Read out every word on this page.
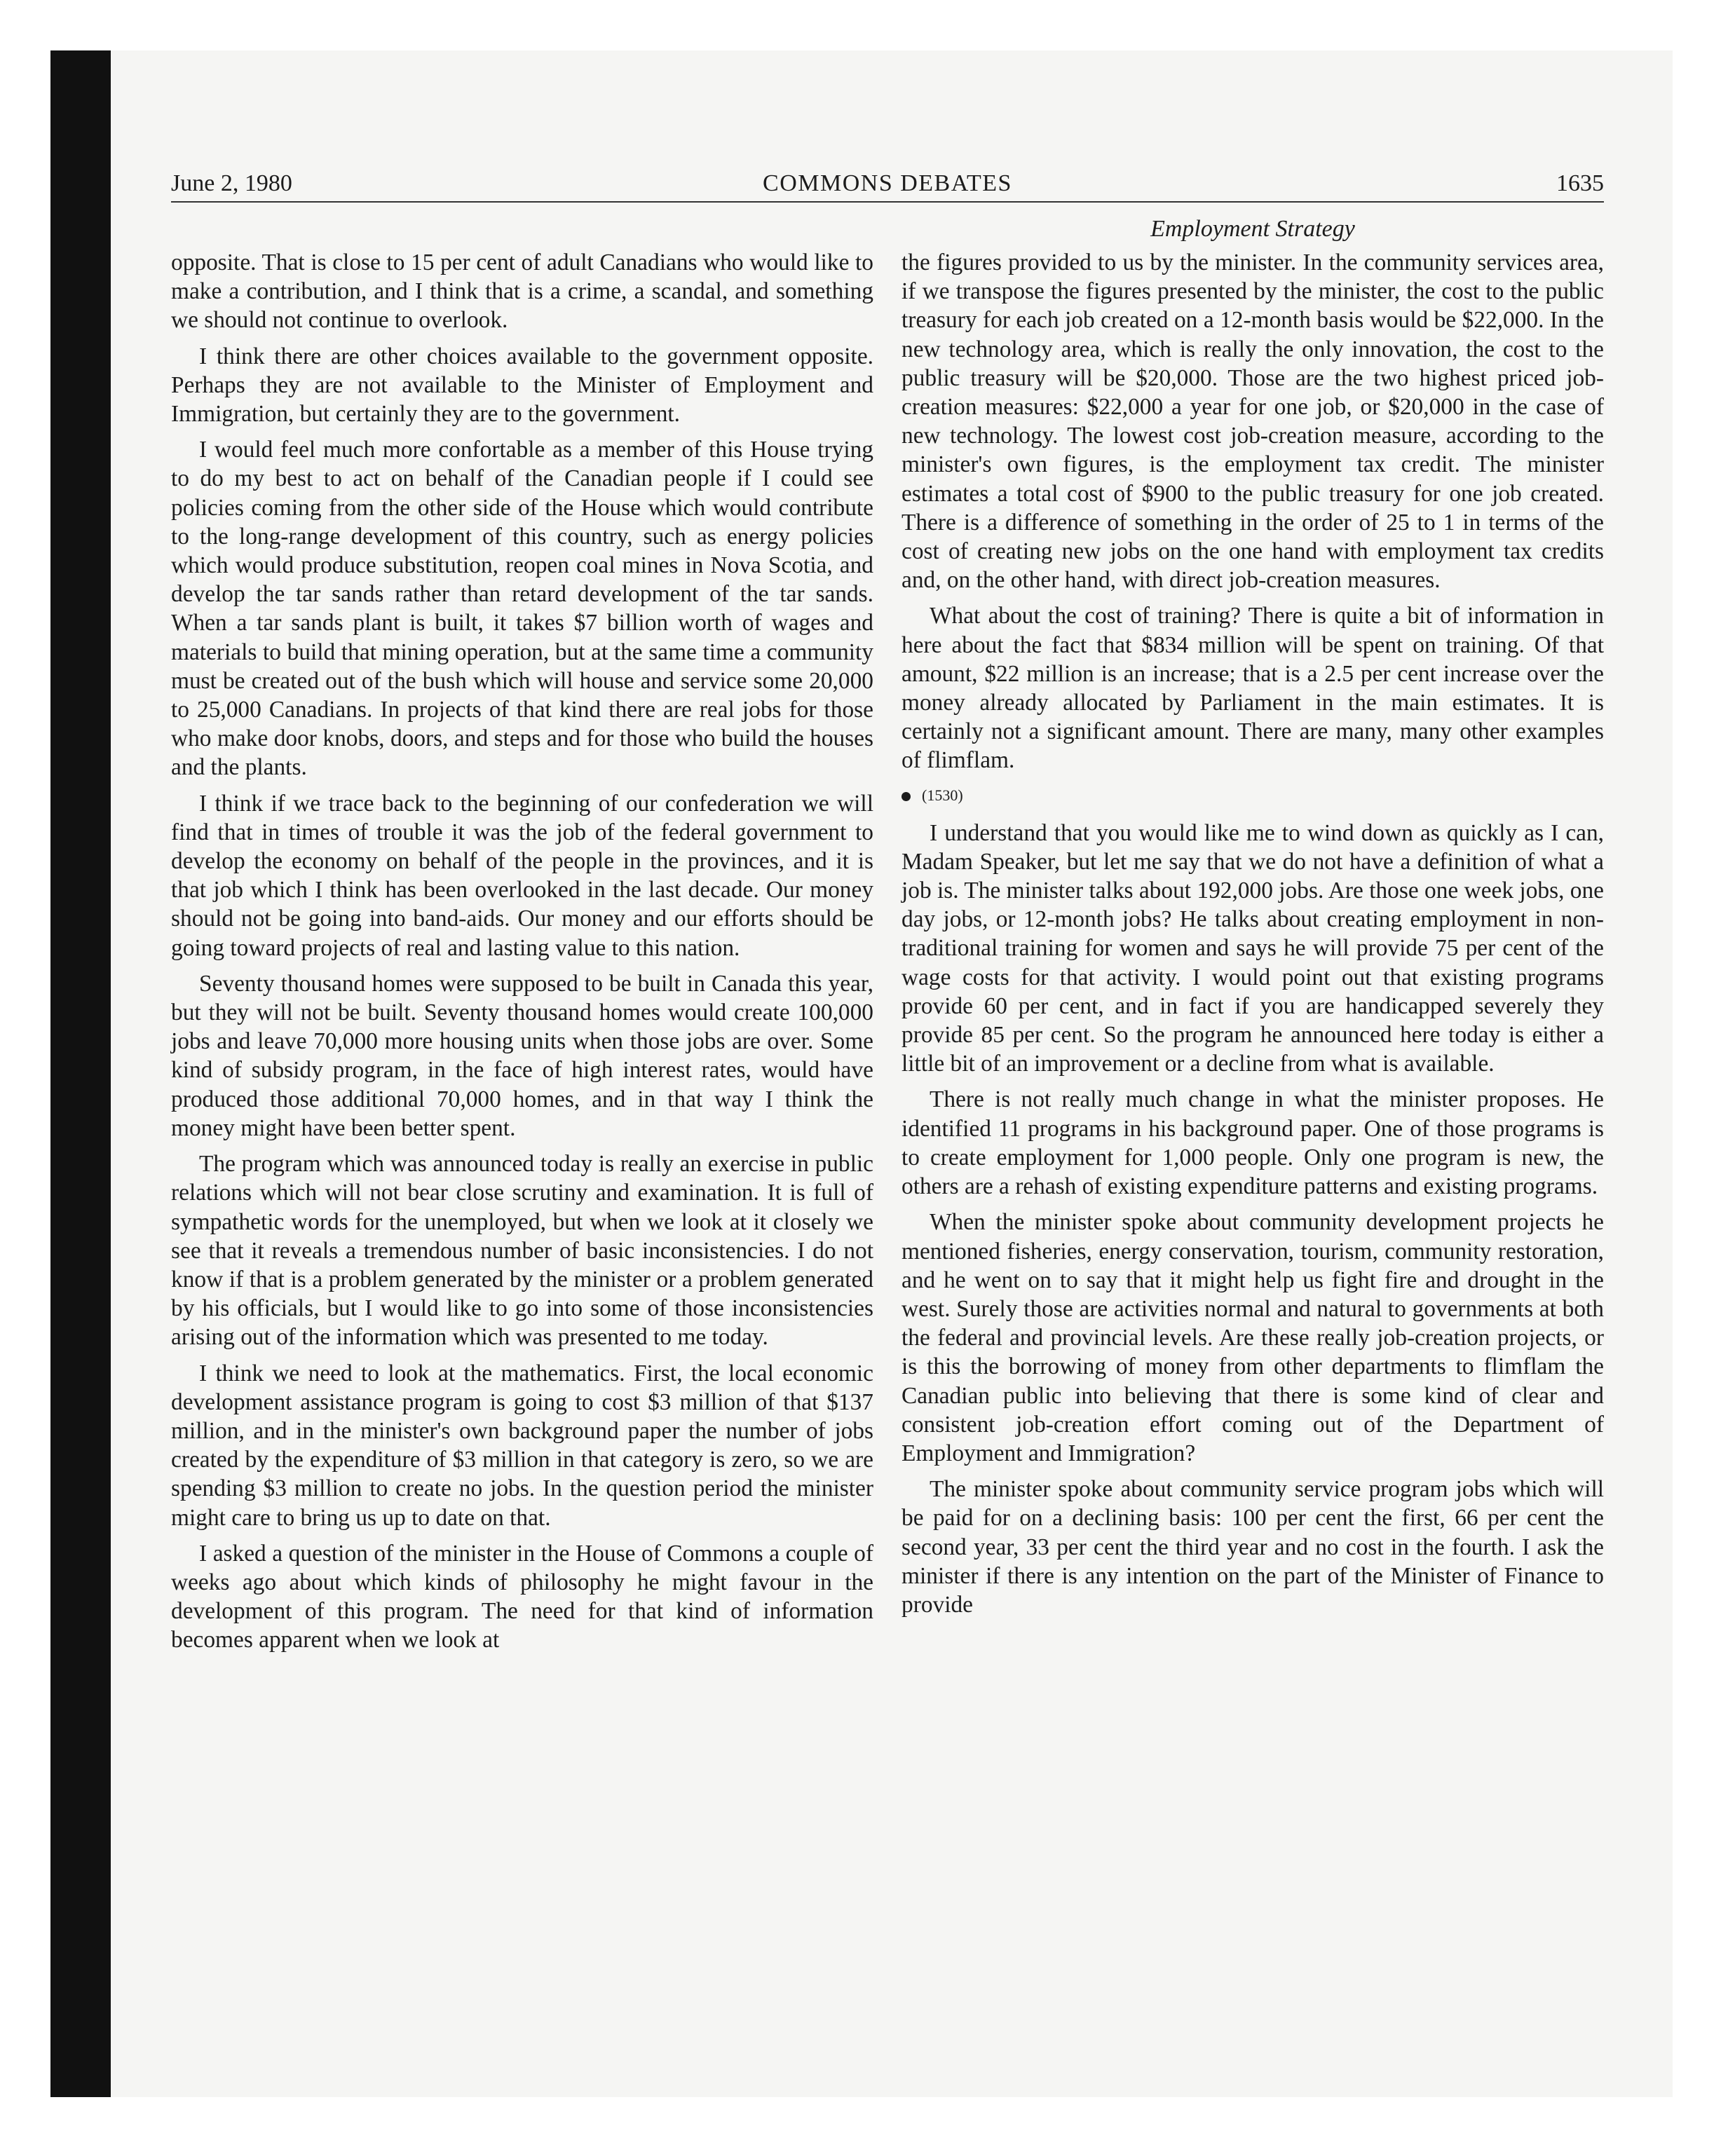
June 2, 1980	COMMONS DEBATES	1635
Employment Strategy

opposite. That is close to 15 per cent of adult Canadians who would like to make a contribution, and I think that is a crime, a scandal, and something we should not continue to overlook.

I think there are other choices available to the government opposite. Perhaps they are not available to the Minister of Employment and Immigration, but certainly they are to the government.

I would feel much more confortable as a member of this House trying to do my best to act on behalf of the Canadian people if I could see policies coming from the other side of the House which would contribute to the long-range development of this country, such as energy policies which would produce substitution, reopen coal mines in Nova Scotia, and develop the tar sands rather than retard development of the tar sands. When a tar sands plant is built, it takes $7 billion worth of wages and materials to build that mining operation, but at the same time a community must be created out of the bush which will house and service some 20,000 to 25,000 Canadians. In projects of that kind there are real jobs for those who make door knobs, doors, and steps and for those who build the houses and the plants.

I think if we trace back to the beginning of our confederation we will find that in times of trouble it was the job of the federal government to develop the economy on behalf of the people in the provinces, and it is that job which I think has been overlooked in the last decade. Our money should not be going into band-aids. Our money and our efforts should be going toward projects of real and lasting value to this nation.

Seventy thousand homes were supposed to be built in Canada this year, but they will not be built. Seventy thousand homes would create 100,000 jobs and leave 70,000 more housing units when those jobs are over. Some kind of subsidy program, in the face of high interest rates, would have produced those additional 70,000 homes, and in that way I think the money might have been better spent.

The program which was announced today is really an exercise in public relations which will not bear close scrutiny and examination. It is full of sympathetic words for the unemployed, but when we look at it closely we see that it reveals a tremendous number of basic inconsistencies. I do not know if that is a problem generated by the minister or a problem generated by his officials, but I would like to go into some of those inconsistencies arising out of the information which was presented to me today.

I think we need to look at the mathematics. First, the local economic development assistance program is going to cost $3 million of that $137 million, and in the minister's own background paper the number of jobs created by the expenditure of $3 million in that category is zero, so we are spending $3 million to create no jobs. In the question period the minister might care to bring us up to date on that.

I asked a question of the minister in the House of Commons a couple of weeks ago about which kinds of philosophy he might favour in the development of this program. The need for that kind of information becomes apparent when we look at

the figures provided to us by the minister. In the community services area, if we transpose the figures presented by the minister, the cost to the public treasury for each job created on a 12-month basis would be $22,000. In the new technology area, which is really the only innovation, the cost to the public treasury will be $20,000. Those are the two highest priced job-creation measures: $22,000 a year for one job, or $20,000 in the case of new technology. The lowest cost job-creation measure, according to the minister's own figures, is the employment tax credit. The minister estimates a total cost of $900 to the public treasury for one job created. There is a difference of something in the order of 25 to 1 in terms of the cost of creating new jobs on the one hand with employment tax credits and, on the other hand, with direct job-creation measures.

What about the cost of training? There is quite a bit of information in here about the fact that $834 million will be spent on training. Of that amount, $22 million is an increase; that is a 2.5 per cent increase over the money already allocated by Parliament in the main estimates. It is certainly not a significant amount. There are many, many other examples of flimflam.

(1530)

I understand that you would like me to wind down as quickly as I can, Madam Speaker, but let me say that we do not have a definition of what a job is. The minister talks about 192,000 jobs. Are those one week jobs, one day jobs, or 12-month jobs? He talks about creating employment in non-traditional training for women and says he will provide 75 per cent of the wage costs for that activity. I would point out that existing programs provide 60 per cent, and in fact if you are handicapped severely they provide 85 per cent. So the program he announced here today is either a little bit of an improvement or a decline from what is available.

There is not really much change in what the minister proposes. He identified 11 programs in his background paper. One of those programs is to create employment for 1,000 people. Only one program is new, the others are a rehash of existing expenditure patterns and existing programs.

When the minister spoke about community development projects he mentioned fisheries, energy conservation, tourism, community restoration, and he went on to say that it might help us fight fire and drought in the west. Surely those are activities normal and natural to governments at both the federal and provincial levels. Are these really job-creation projects, or is this the borrowing of money from other departments to flimflam the Canadian public into believing that there is some kind of clear and consistent job-creation effort coming out of the Department of Employment and Immigration?

The minister spoke about community service program jobs which will be paid for on a declining basis: 100 per cent the first, 66 per cent the second year, 33 per cent the third year and no cost in the fourth. I ask the minister if there is any intention on the part of the Minister of Finance to provide
